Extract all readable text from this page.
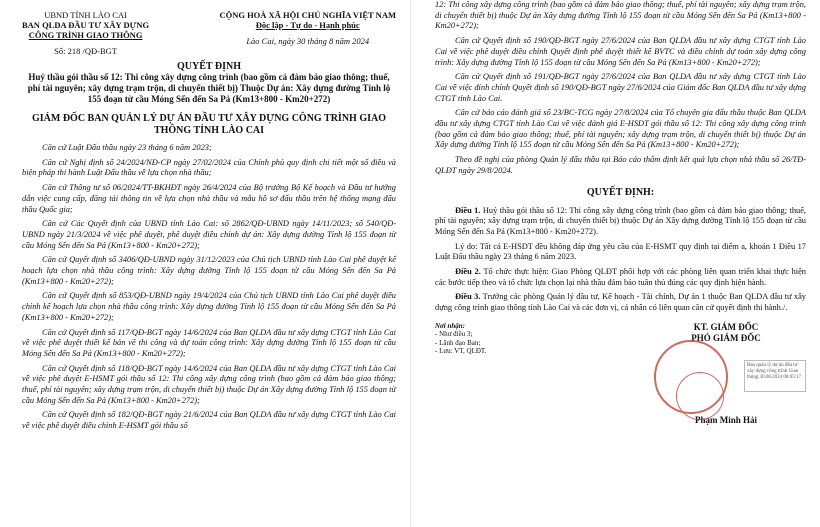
UBND TỈNH LÀO CAI
BAN QLDA ĐẦU TƯ XÂY DỰNG
CÔNG TRÌNH GIAO THÔNG
Số: 218 /QĐ-BGT
CỘNG HOÀ XÃ HỘI CHỦ NGHĨA VIỆT NAM
Độc lập - Tự do - Hạnh phúc
Lào Cai, ngày 30 tháng 8 năm 2024
QUYẾT ĐỊNH
Huỷ thầu gói thầu số 12: Thi công xây dựng công trình (bao gồm cả đảm bảo giao thông; thuế, phí tài nguyên; xây dựng trạm trộn, di chuyển thiết bị) Thuộc Dự án: Xây dựng đường Tỉnh lộ 155 đoạn từ cầu Móng Sến đến Sa Pả (Km13+800 - Km20+272)
GIÁM ĐỐC BAN QUẢN LÝ DỰ ÁN ĐẦU TƯ XÂY DỰNG CÔNG TRÌNH GIAO THÔNG TỈNH LÀO CAI

Căn cứ Luật Đấu thầu ngày 23 tháng 6 năm 2023;

Căn cứ Nghị định số 24/2024/NĐ-CP ngày 27/02/2024 của Chính phủ quy định chi tiết một số điều và biện pháp thi hành Luật Đấu thầu về lựa chọn nhà thầu;

Căn cứ Thông tư số 06/2024/TT-BKHĐT ngày 26/4/2024 của Bộ trưởng Bộ Kế hoạch và Đầu tư hướng dẫn việc cung cấp, đăng tải thông tin về lựa chọn nhà thầu và mẫu hồ sơ đấu thầu trên hệ thống mạng đấu thầu Quốc gia;

Căn cứ Các Quyết định của UBND tỉnh Lào Cai: số 2862/QĐ-UBND ngày 14/11/2023; số 540/QĐ- UBND ngày 21/3/2024 về việc phê duyệt, phê duyệt điều chỉnh dự án: Xây dựng đường Tỉnh lộ 155 đoạn từ cầu Móng Sến đến Sa Pả (Km13+800 - Km20+272);

Căn cứ Quyết định số 3406/QĐ-UBND ngày 31/12/2023 của Chủ tịch UBND tỉnh Lào Cai phê duyệt kế hoạch lựa chọn nhà thầu công trình: Xây dựng đường Tỉnh lộ 155 đoạn từ cầu Móng Sến đến Sa Pả (Km13+800 - Km20+272);

Căn cứ Quyết định số 853/QĐ-UBND ngày 19/4/2024 của Chủ tịch UBND tỉnh Lào Cai phê duyệt điều chỉnh kế hoạch lựa chọn nhà thầu công trình: Xây dựng đường Tỉnh lộ 155 đoạn từ cầu Móng Sến đến Sa Pả (Km13+800 - Km20+272);

Căn cứ Quyết định số 117/QĐ-BGT ngày 14/6/2024 của Ban QLDA đầu tư xây dựng CTGT tỉnh Lào Cai về việc phê duyệt thiết kế bản vẽ thi công và dự toán công trình: Xây dựng đường Tỉnh lộ 155 đoạn từ cầu Móng Sến đến Sa Pả (Km13+800 - Km20+272);

Căn cứ Quyết định số 118/QĐ-BGT ngày 14/6/2024 của Ban QLDA đầu tư xây dựng CTGT tỉnh Lào Cai về việc phê duyệt E-HSMT gói thầu số 12: Thi công xây dựng công trình (bao gồm cả đảm bảo giao thông; thuế, phí tài nguyên; xây dựng trạm trộn, di chuyển thiết bị) thuộc Dự án Xây dựng đường Tỉnh lộ 155 đoạn từ cầu Móng Sến đến Sa Pả (Km13+800 - Km20+272);

Căn cứ Quyết định số 182/QĐ-BGT ngày 21/6/2024 của Ban QLDA đầu tư xây dựng CTGT tỉnh Lào Cai về việc phê duyệt điều chỉnh E-HSMT gói thầu số

12: Thi công xây dựng công trình (bao gồm cả đảm bảo giao thông; thuế, phí tài nguyên; xây dựng trạm trộn, di chuyển thiết bị) thuộc Dự án Xây dựng đường Tỉnh lộ 155 đoạn từ cầu Móng Sến đến Sa Pả (Km13+800 - Km20+272);

Căn cứ Quyết định số 190/QĐ-BGT ngày 27/6/2024 của Ban QLDA đầu tư xây dựng CTGT tỉnh Lào Cai về việc phê duyệt điều chỉnh Quyết định phê duyệt thiết kế BVTC và điều chỉnh dự toán xây dựng công trình: Xây dựng đường Tỉnh lộ 155 đoạn từ cầu Móng Sến đến Sa Pả (Km13+800 - Km20+272);

Căn cứ Quyết định số 191/QĐ-BGT ngày 27/6/2024 của Ban QLDA đầu tư xây dựng CTGT tỉnh Lào Cai về việc đính chính Quyết định số 190/QĐ-BGT ngày 27/6/2024 của Giám đốc Ban QLDA đầu tư xây dựng CTGT tỉnh Lào Cai.

Căn cứ báo cáo đánh giá số 23/BC-TCG ngày 27/8/2024 của Tổ chuyên gia đấu thầu thuộc Ban QLDA đầu tư xây dựng CTGT tỉnh Lào Cai về việc đánh giá E-HSDT gói thầu số 12: Thi công xây dựng công trình (bao gồm cả đảm bảo giao thông; thuế, phí tài nguyên; xây dựng trạm trộn, di chuyển thiết bị) thuộc Dự án Xây dựng đường Tỉnh lộ 155 đoạn từ cầu Móng Sến đến Sa Pả (Km13+800 - Km20+272);

Theo đề nghị của phòng Quản lý đấu thầu tại Báo cáo thẩm định kết quả lựa chọn nhà thầu số 26/TĐ-QLĐT ngày 29/8/2024.

QUYẾT ĐỊNH:

Điều 1. Huỷ thầu gói thầu số 12: Thi công xây dựng công trình (bao gồm cả đảm bảo giao thông; thuế, phí tài nguyên; xây dựng trạm trộn, di chuyển thiết bị) thuộc Dự án Xây dựng đường Tỉnh lộ 155 đoạn từ cầu Móng Sến đến Sa Pả (Km13+800 - Km20+272).

Lý do: Tất cả E-HSDT đều không đáp ứng yêu cầu của E-HSMT quy định tại điểm a, khoản 1 Điều 17 Luật Đấu thầu ngày 23 tháng 6 năm 2023.

Điều 2. Tổ chức thực hiện: Giao Phòng QLĐT phối hợp với các phòng liên quan triển khai thực hiện các bước tiếp theo và tổ chức lựa chọn lại nhà thầu đảm bảo tuân thủ đúng các quy định hiện hành.

Điều 3. Trưởng các phòng Quản lý đầu tư, Kế hoạch - Tài chính, Dự án 1 thuộc Ban QLDA đầu tư xây dựng công trình giao thông tỉnh Lào Cai và các đơn vị, cá nhân có liên quan căn cứ quyết định thi hành./.

Nơi nhận:
- Như điều 3;
- Lãnh đạo Ban;
- Lưu: VT, QLĐT.
KT. GIÁM ĐỐC
PHÓ GIÁM ĐỐC
Ban quản lý dự án đầu tư xây dựng công trình Giao thông 30.08.2024 08:05:17
Phạm Minh Hải
